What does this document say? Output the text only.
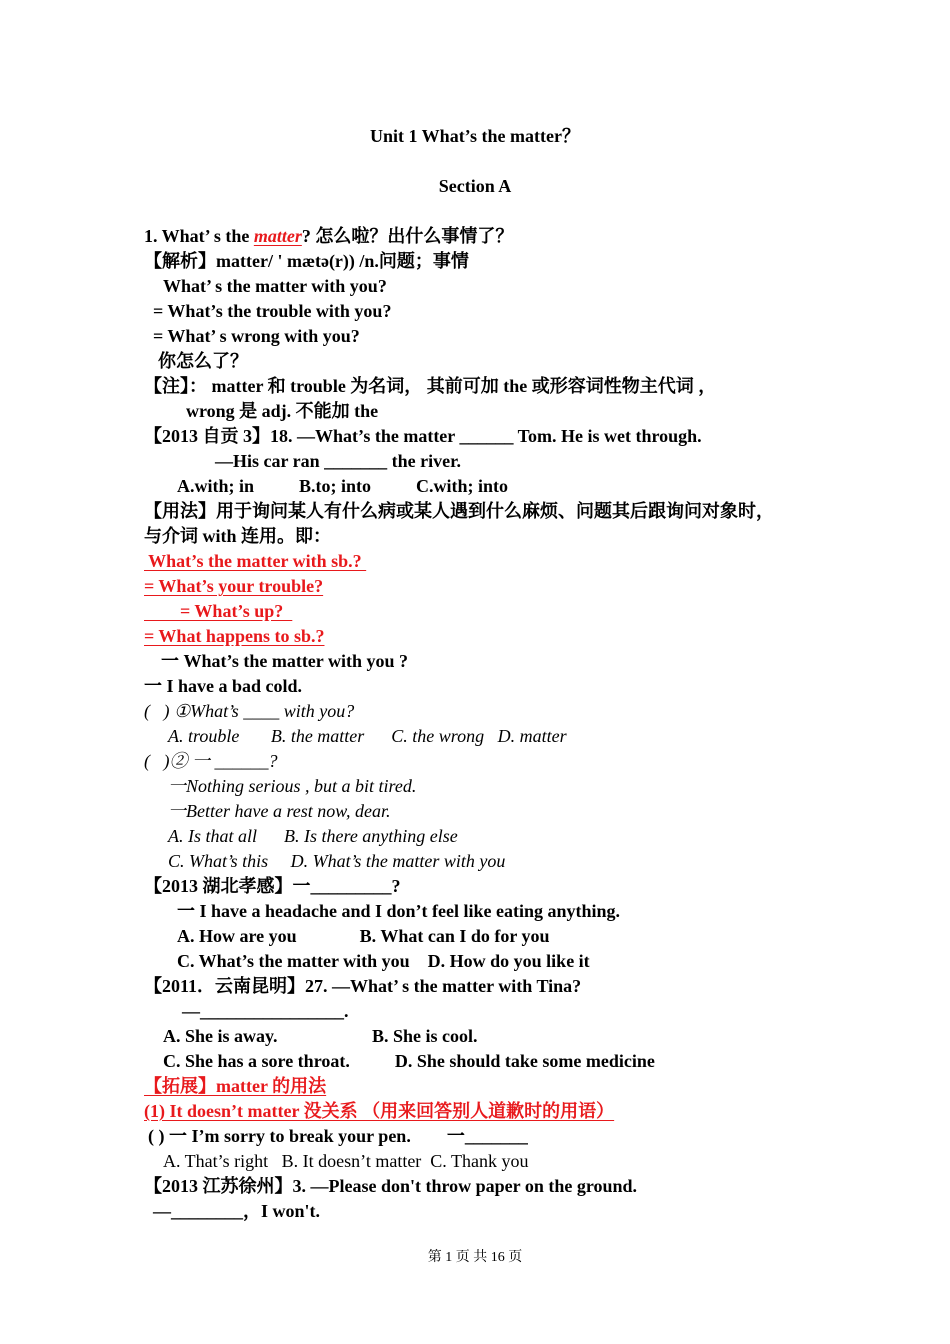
Unit 1 What’s the matter？
Section A
1. What’ s the matter? 怎么啦？出什么事情了？
【解析】matter/ ' mætə(r)) /n.问题；事情
What’ s the matter with you?
= What’s the trouble with you?
= What’ s wrong with you?
你怎么了？
【注】： matter 和 trouble 为名词， 其前可加 the 或形容词性物主代词 ，
wrong 是 adj. 不能加 the
【2013 自贡 3】18. —What’s the matter ______ Tom. He is wet through.
—His car ran _______ the river.
A.with; in          B.to; into          C.with; into
【用法】用于询问某人有什么病或某人遇到什么麻烦、问题其后跟询问对象时，
与介词 with 连用。即：
What’s the matter with sb.?
= What’s your trouble?
= What’s up?
= What happens to sb.?
一 What’s the matter with you ?
一 I have a bad cold.
(   ) ①What’s ____ with you?
A. trouble       B. the matter      C. the wrong   D. matter
(   )② 一 ______?
一Nothing serious , but a bit tired.
一Better have a rest now, dear.
A. Is that all      B. Is there anything else
C. What’s this     D. What’s the matter with you
【2013 湖北孝感】一_________?
一 I have a headache and I don’t feel like eating anything.
A. How are you              B. What can I do for you
C. What’s the matter with you    D. How do you like it
【2011．云南昆明】27. —What’ s the matter with Tina?
—________________.
A. She is away.                     B. She is cool.
C. She has a sore throat.          D. She should take some medicine
【拓展】matter 的用法
(1) It doesn’t matter 没关系 （用来回答别人道歉时的用语）
( ) 一 I’m sorry to break your pen.        一_______
A. That’s right   B. It doesn’t matter  C. Thank you
【2013 江苏徐州】3. —Please don't throw paper on the ground.
—________，I won't.
第 1 页 共 16 页
